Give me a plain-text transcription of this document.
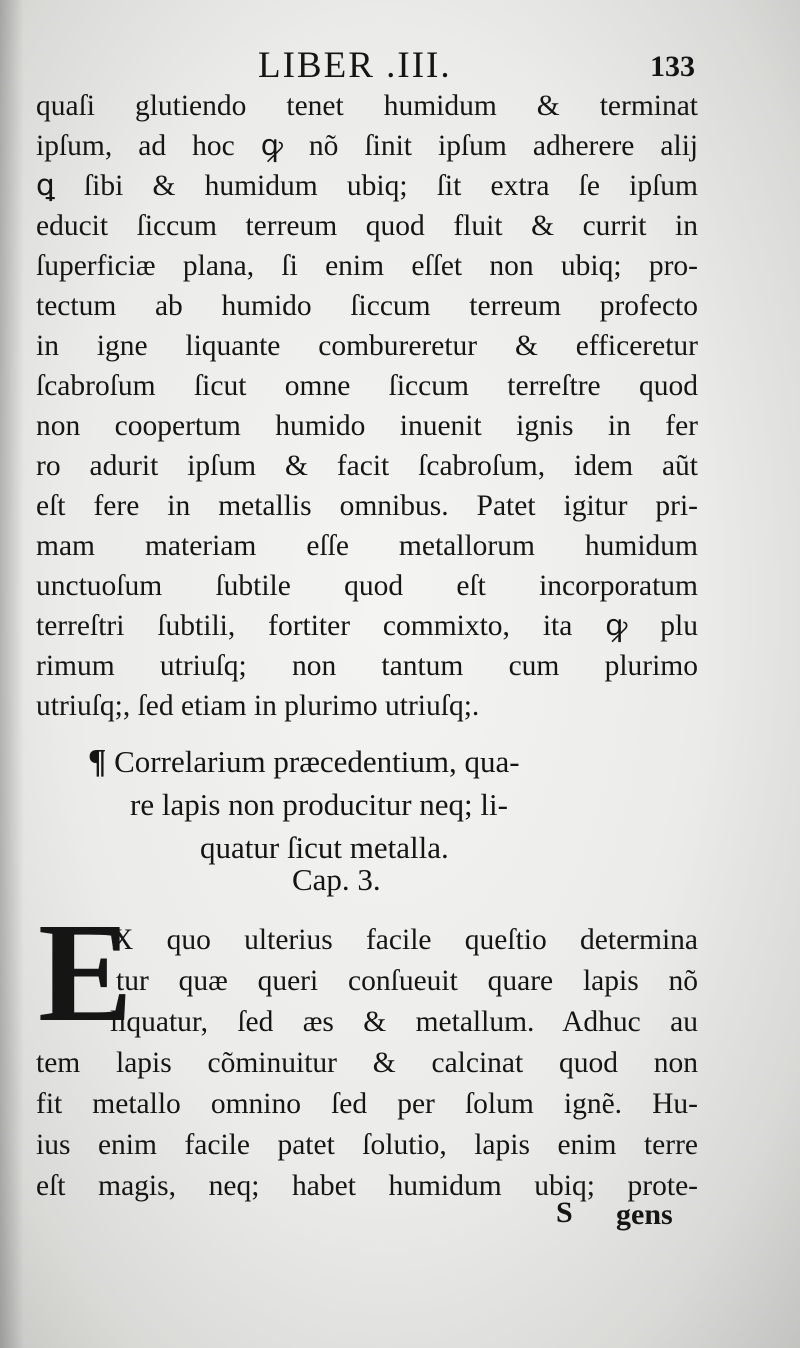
LIBER .III.	133
quaſi glutiendo tenet humidum & terminat
ipſum, ad hoc ꝙ nõ ſinit ipſum adherere alĳ
ꝗ ſibi & humidum ubiq; ſit extra ſe ipſum
educit ſiccum terreum quod fluit & currit in
ſuperficiæ plana, ſi enim eſſet non ubiq; pro-
tectum ab humido ſiccum terreum profecto
in igne liquante combureretur & efficeretur
ſcabroſum ſicut omne ſiccum terreſtre quod
non coopertum humido inuenit ignis in fer
ro adurit ipſum & facit ſcabroſum, idem aũt
eſt fere in metallis omnibus. Patet igitur pri-
mam materiam eſſe metallorum humidum
unctuoſum ſubtile quod eſt incorporatum
terreſtri ſubtili, fortiter commixto, ita ꝙ plu
rimum utriuſq; non tantum cum plurimo
utriuſq;, ſed etiam in plurimo utriuſq;.
¶ Correlarium præcedentium, qua-
re lapis non producitur neq; li-
quatur ſicut metalla.
Cap. 3.
E
X quo ulterius facile queſtio determina
tur quæ queri conſueuit quare lapis nõ
liquatur, ſed æs & metallum. Adhuc au
tem lapis cõminuitur & calcinat quod non
fit metallo omnino ſed per ſolum ignẽ. Hu-
ius enim facile patet ſolutio, lapis enim terre
eſt magis, neq; habet humidum ubiq; prote-
S gens
